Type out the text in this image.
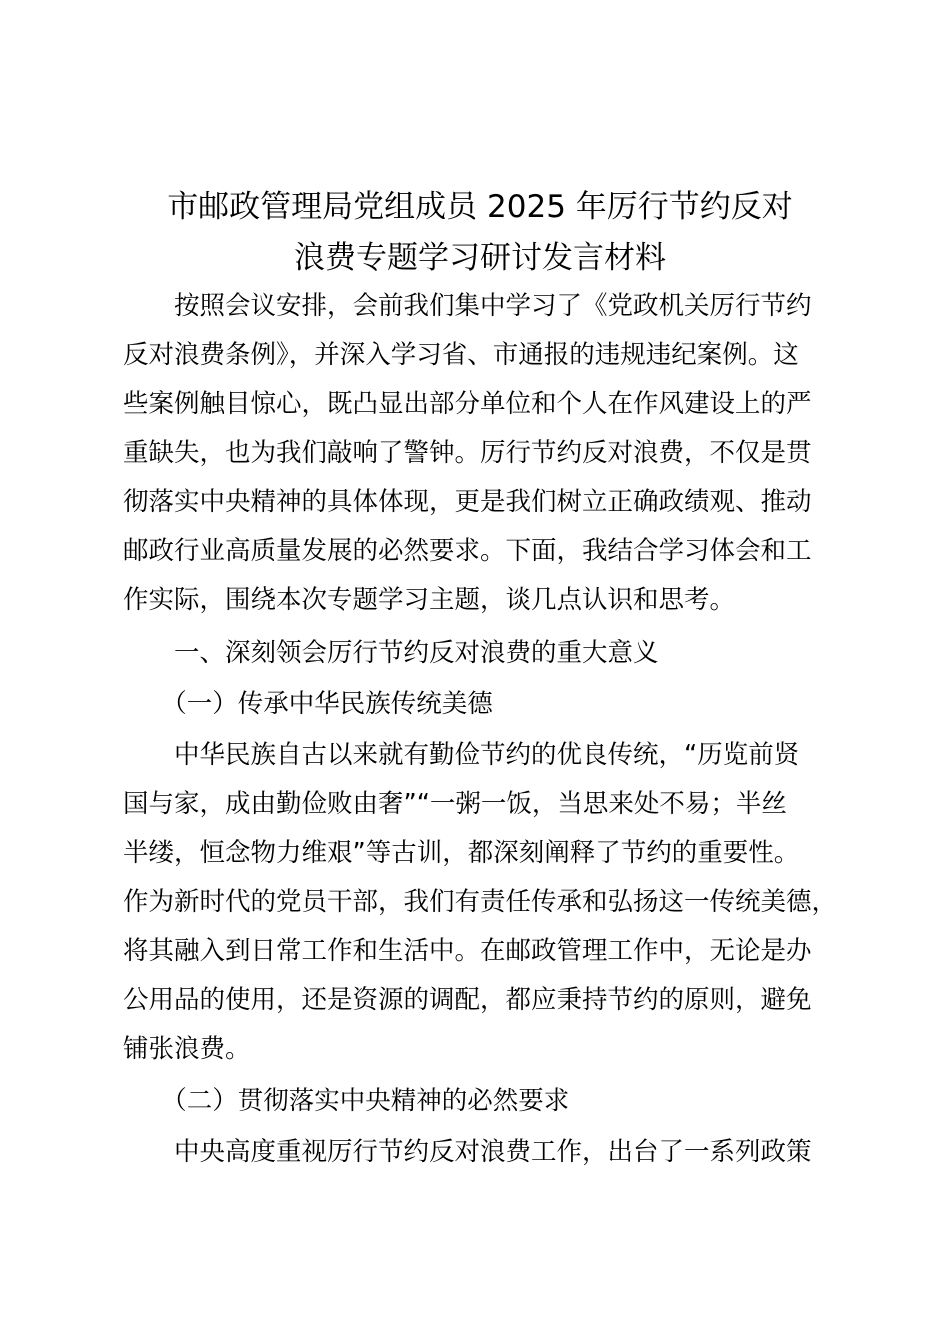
市邮政管理局党组成员 2025 年厉行节约反对
浪费专题学习研讨发言材料
　　按照会议安排，会前我们集中学习了《党政机关厉行节约
反对浪费条例》，并深入学习省、市通报的违规违纪案例。这
些案例触目惊心，既凸显出部分单位和个人在作风建设上的严
重缺失，也为我们敲响了警钟。厉行节约反对浪费，不仅是贯
彻落实中央精神的具体体现，更是我们树立正确政绩观、推动
邮政行业高质量发展的必然要求。下面，我结合学习体会和工
作实际，围绕本次专题学习主题，谈几点认识和思考。
　　一、深刻领会厉行节约反对浪费的重大意义
　　（一）传承中华民族传统美德
　　中华民族自古以来就有勤俭节约的优良传统，“历览前贤
国与家，成由勤俭败由奢”“一粥一饭，当思来处不易；半丝
半缕，恒念物力维艰”等古训，都深刻阐释了节约的重要性。
作为新时代的党员干部，我们有责任传承和弘扬这一传统美德，
将其融入到日常工作和生活中。在邮政管理工作中，无论是办
公用品的使用，还是资源的调配，都应秉持节约的原则，避免
铺张浪费。
　　（二）贯彻落实中央精神的必然要求
　　中央高度重视厉行节约反对浪费工作，出台了一系列政策
